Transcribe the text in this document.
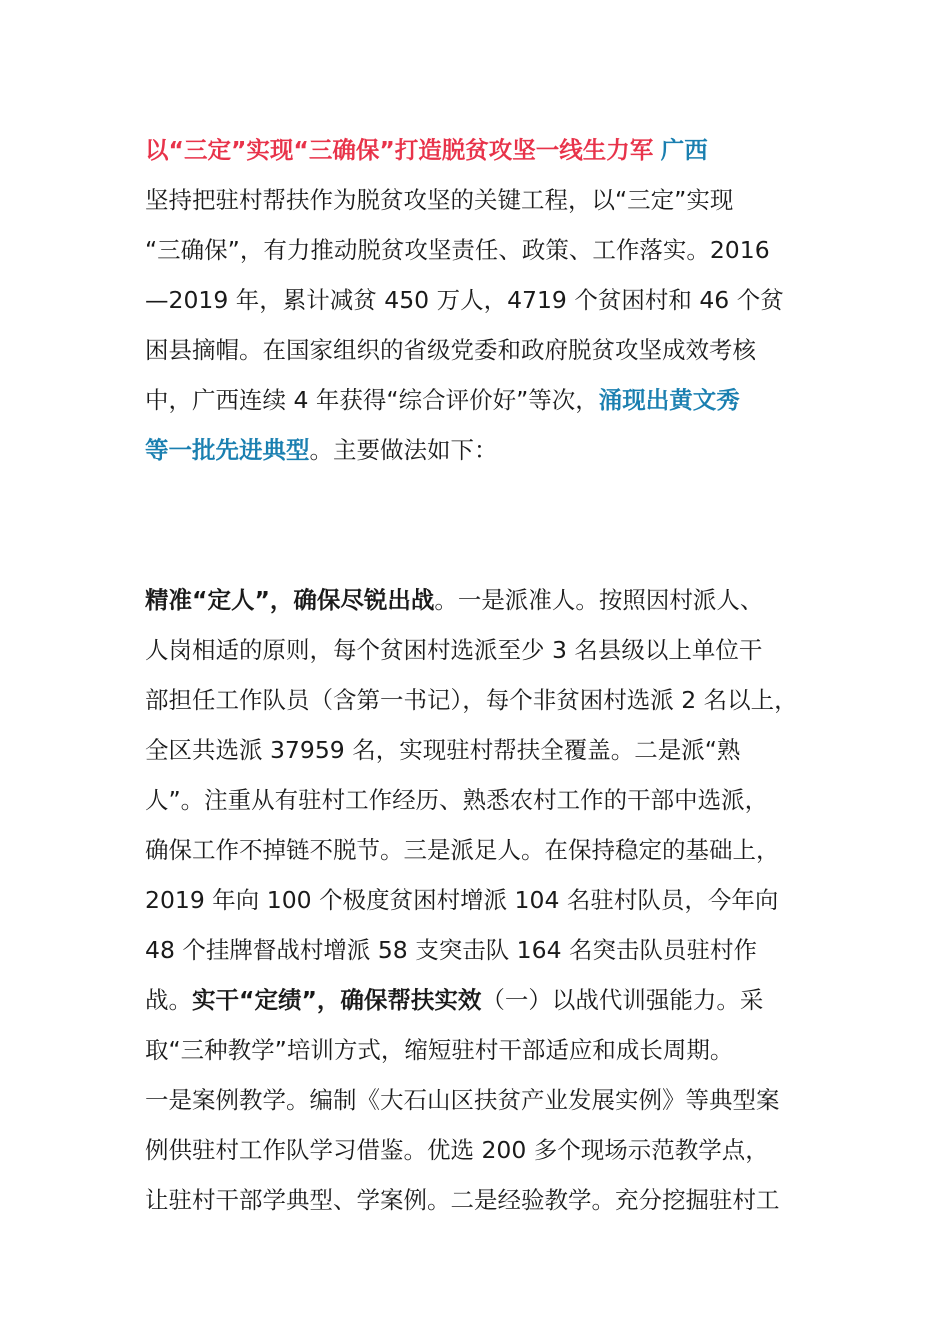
以“三定”实现“三确保”打造脱贫攻坚一线生力军 广西
坚持把驻村帮扶作为脱贫攻坚的关键工程，以“三定”实现
“三确保”，有力推动脱贫攻坚责任、政策、工作落实。2016
—2019 年，累计减贫 450 万人，4719 个贫困村和 46 个贫
困县摘帽。在国家组织的省级党委和政府脱贫攻坚成效考核
中，广西连续 4 年获得“综合评价好”等次，涌现出黄文秀
等一批先进典型。主要做法如下：
精准“定人”，确保尽锐出战。一是派准人。按照因村派人、
人岗相适的原则，每个贫困村选派至少 3 名县级以上单位干
部担任工作队员（含第一书记），每个非贫困村选派 2 名以上，
全区共选派 37959 名，实现驻村帮扶全覆盖。二是派“熟
人”。注重从有驻村工作经历、熟悉农村工作的干部中选派，
确保工作不掉链不脱节。三是派足人。在保持稳定的基础上，
2019 年向 100 个极度贫困村增派 104 名驻村队员，今年向
48 个挂牌督战村增派 58 支突击队 164 名突击队员驻村作
战。实干“定绩”，确保帮扶实效（一）以战代训强能力。采
取“三种教学”培训方式，缩短驻村干部适应和成长周期。
一是案例教学。编制《大石山区扶贫产业发展实例》等典型案
例供驻村工作队学习借鉴。优选 200 多个现场示范教学点，
让驻村干部学典型、学案例。二是经验教学。充分挖掘驻村工
